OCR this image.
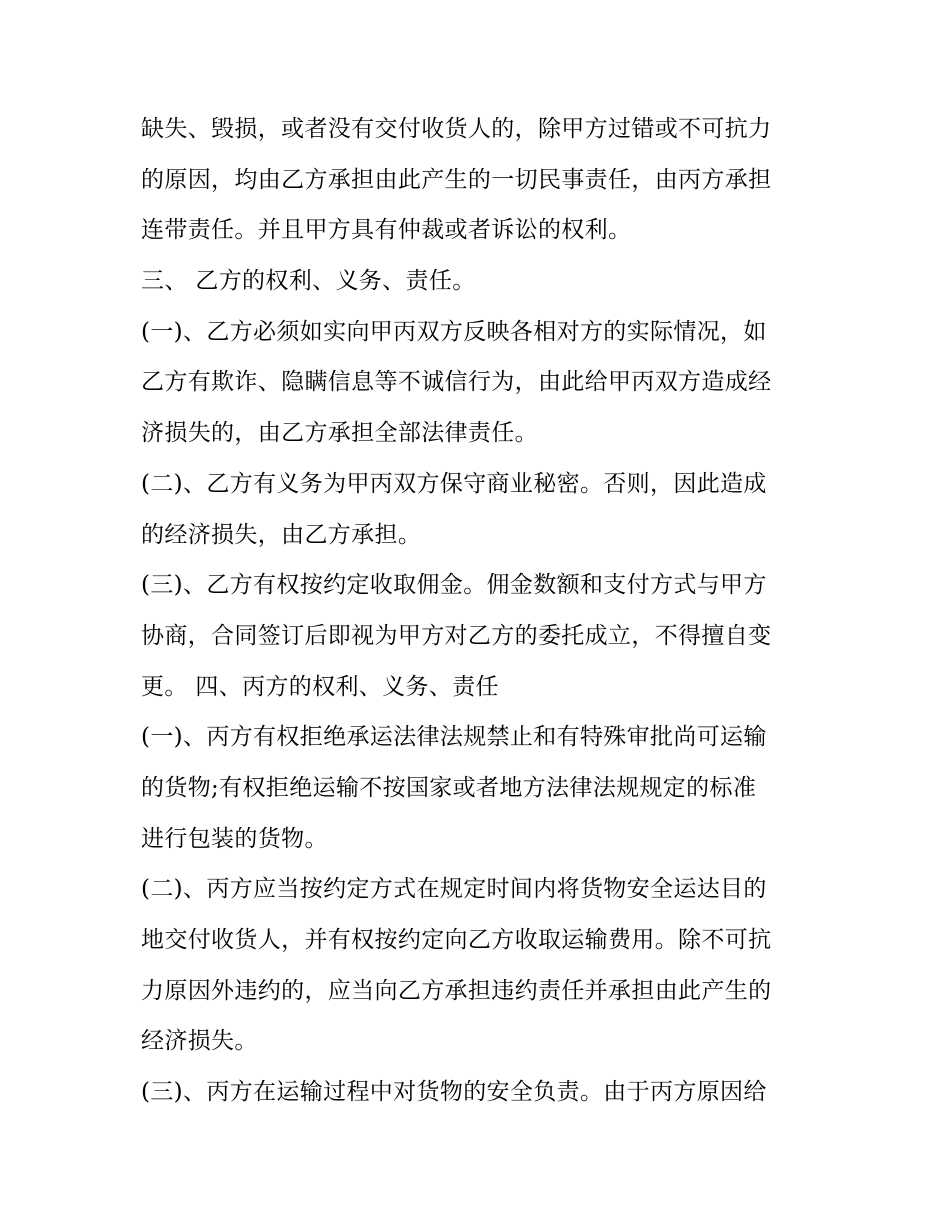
缺失、毁损，或者没有交付收货人的，除甲方过错或不可抗力
的原因，均由乙方承担由此产生的一切民事责任，由丙方承担
连带责任。并且甲方具有仲裁或者诉讼的权利。
三、 乙方的权利、义务、责任。
(一)、乙方必须如实向甲丙双方反映各相对方的实际情况，如
乙方有欺诈、隐瞒信息等不诚信行为，由此给甲丙双方造成经
济损失的，由乙方承担全部法律责任。
(二)、乙方有义务为甲丙双方保守商业秘密。否则，因此造成
的经济损失，由乙方承担。
(三)、乙方有权按约定收取佣金。佣金数额和支付方式与甲方
协商，合同签订后即视为甲方对乙方的委托成立，不得擅自变
更。 四、丙方的权利、义务、责任
(一)、丙方有权拒绝承运法律法规禁止和有特殊审批尚可运输
的货物;有权拒绝运输不按国家或者地方法律法规规定的标准
进行包装的货物。
(二)、丙方应当按约定方式在规定时间内将货物安全运达目的
地交付收货人，并有权按约定向乙方收取运输费用。除不可抗
力原因外违约的，应当向乙方承担违约责任并承担由此产生的
经济损失。
(三)、丙方在运输过程中对货物的安全负责。由于丙方原因给
